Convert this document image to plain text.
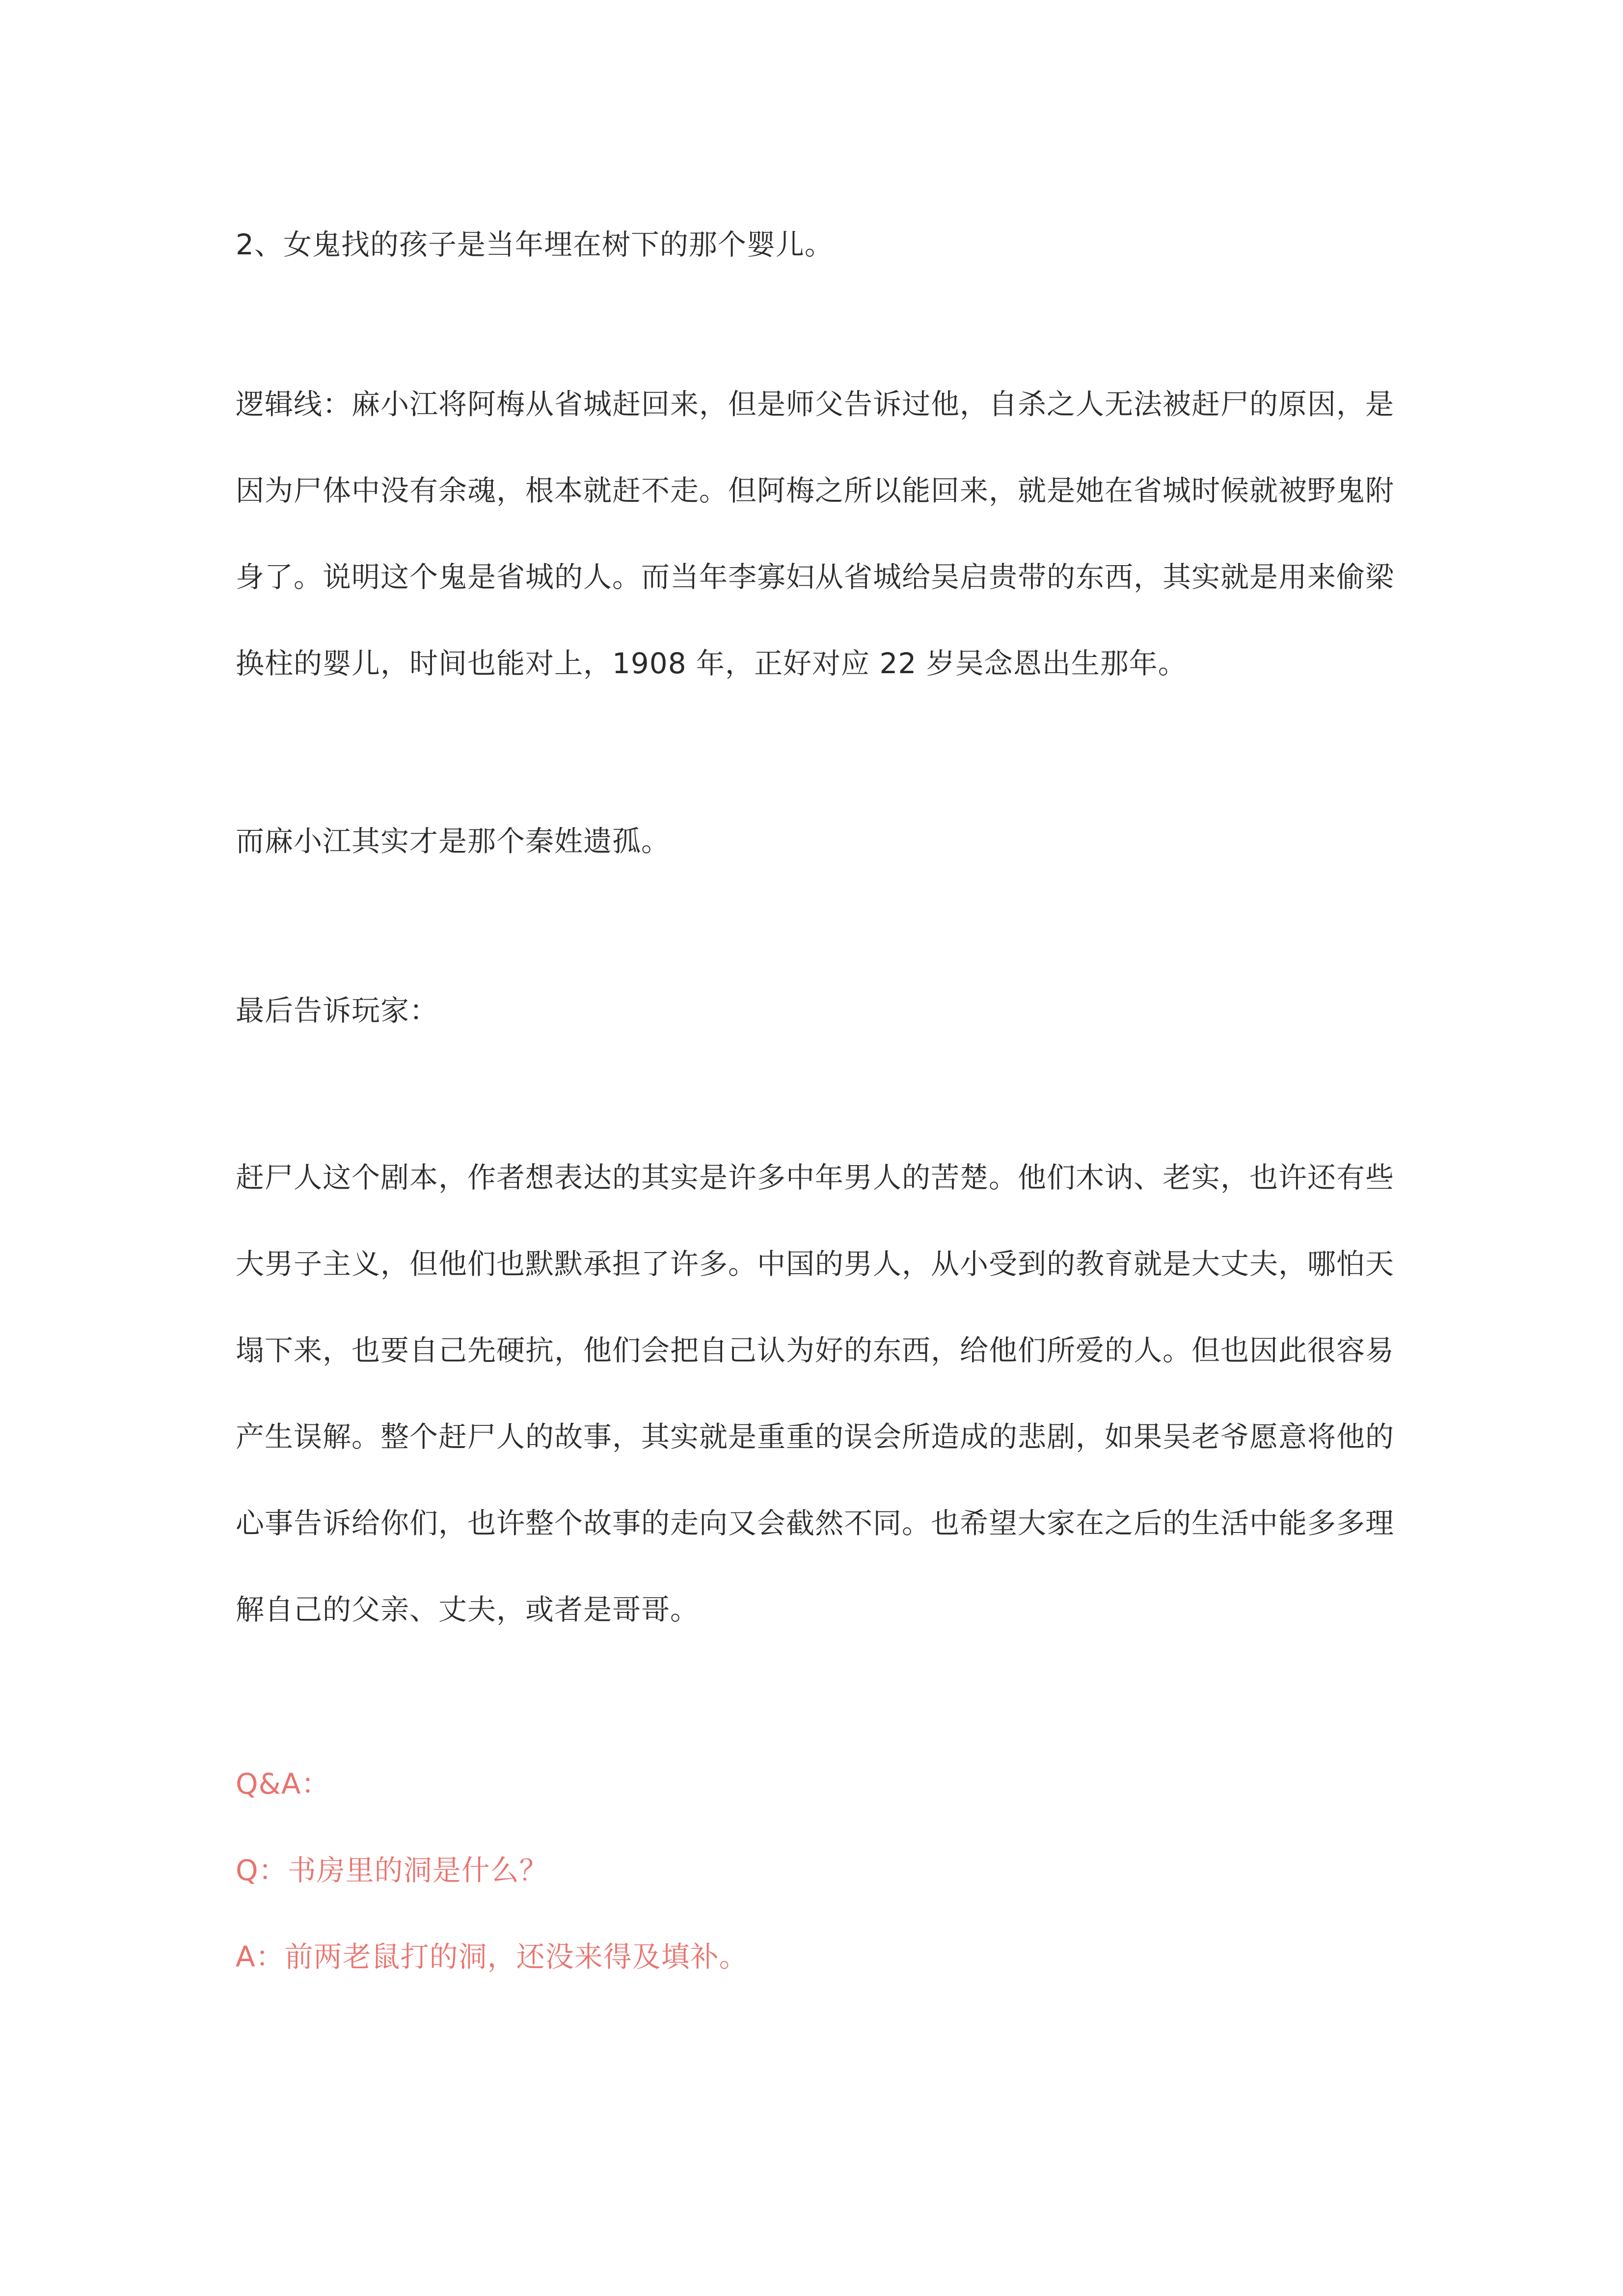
2、女鬼找的孩子是当年埋在树下的那个婴儿。
逻辑线：麻小江将阿梅从省城赶回来，但是师父告诉过他，自杀之人无法被赶尸的原因，是
因为尸体中没有余魂，根本就赶不走。但阿梅之所以能回来，就是她在省城时候就被野鬼附
身了。说明这个鬼是省城的人。而当年李寡妇从省城给吴启贵带的东西，其实就是用来偷梁
换柱的婴儿，时间也能对上，1908 年，正好对应 22 岁吴念恩出生那年。
而麻小江其实才是那个秦姓遗孤。
最后告诉玩家：
赶尸人这个剧本，作者想表达的其实是许多中年男人的苦楚。他们木讷、老实，也许还有些
大男子主义，但他们也默默承担了许多。中国的男人，从小受到的教育就是大丈夫，哪怕天
塌下来，也要自己先硬抗，他们会把自己认为好的东西，给他们所爱的人。但也因此很容易
产生误解。整个赶尸人的故事，其实就是重重的误会所造成的悲剧，如果吴老爷愿意将他的
心事告诉给你们，也许整个故事的走向又会截然不同。也希望大家在之后的生活中能多多理
解自己的父亲、丈夫，或者是哥哥。
Q&A：
Q：书房里的洞是什么？
A：前两老鼠打的洞，还没来得及填补。
